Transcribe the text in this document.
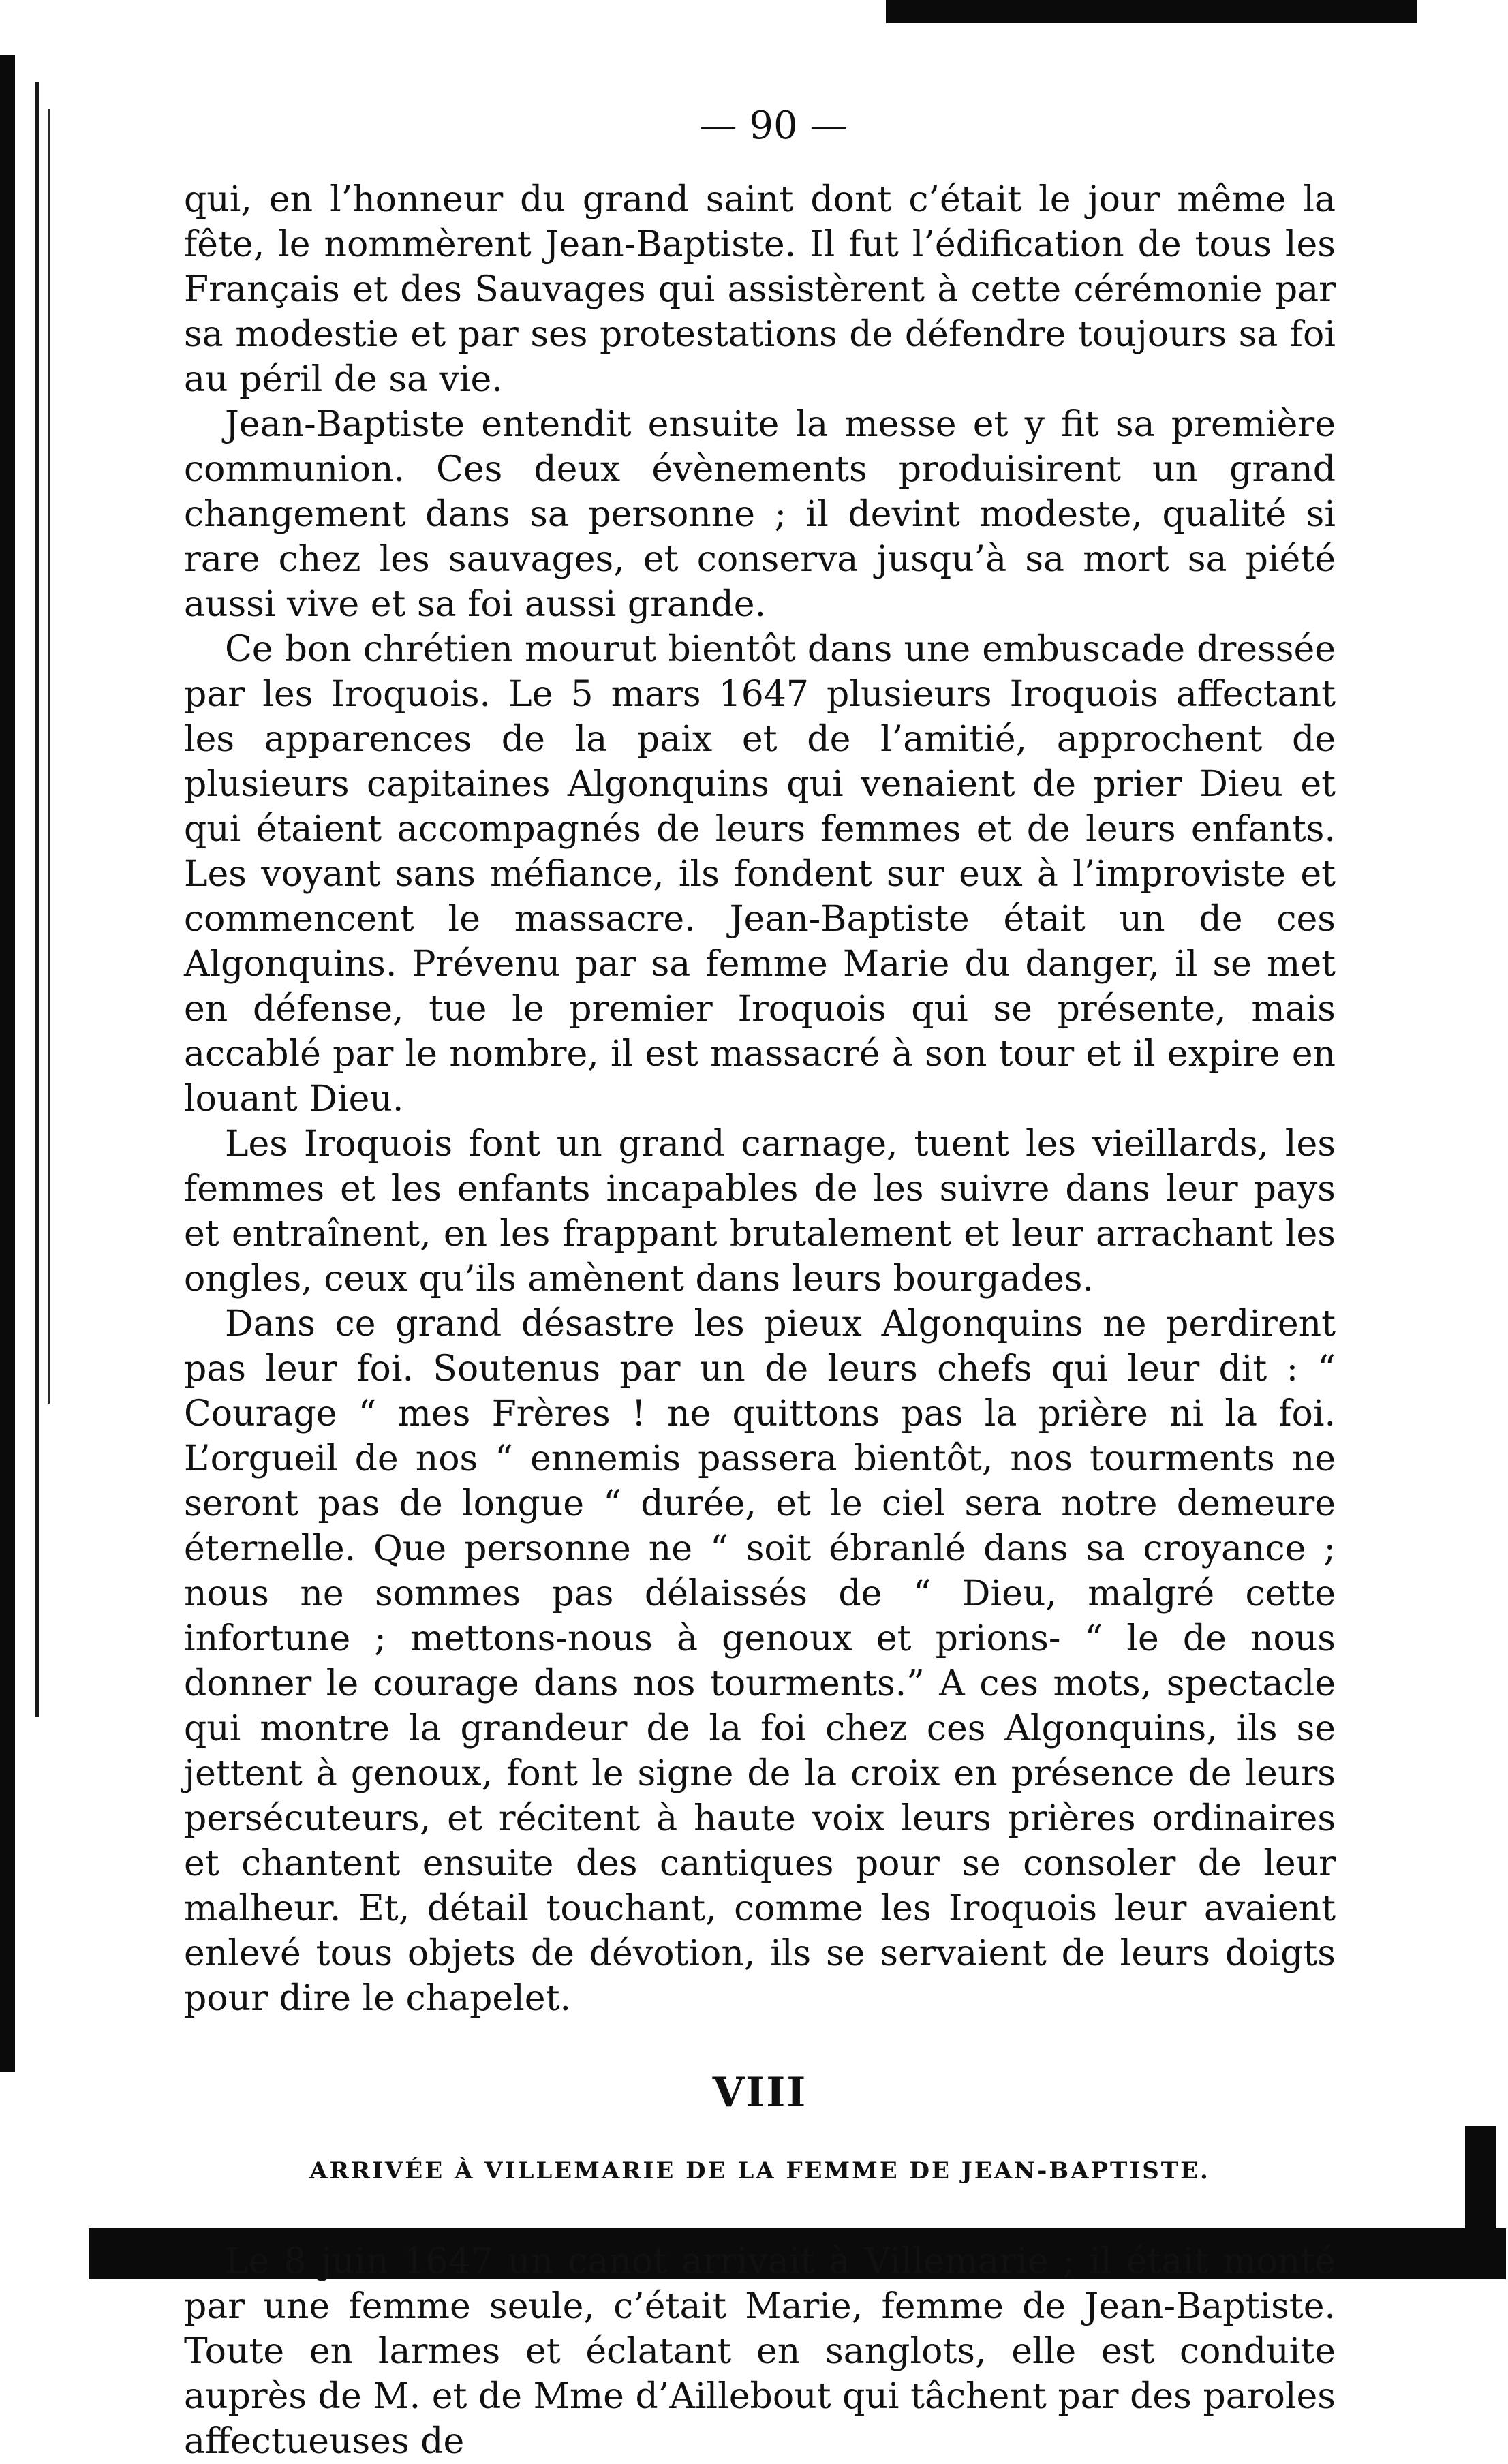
— 90 —

qui, en l’honneur du grand saint dont c’était le jour même la fête, le nommèrent Jean-Baptiste. Il fut l’édification de tous les Français et des Sauvages qui assistèrent à cette cérémonie par sa modestie et par ses protestations de défendre toujours sa foi au péril de sa vie.

Jean-Baptiste entendit ensuite la messe et y fit sa première communion. Ces deux évènements produisirent un grand changement dans sa personne ; il devint modeste, qualité si rare chez les sauvages, et conserva jusqu’à sa mort sa piété aussi vive et sa foi aussi grande.

Ce bon chrétien mourut bientôt dans une embuscade dressée par les Iroquois. Le 5 mars 1647 plusieurs Iroquois affectant les apparences de la paix et de l’amitié, approchent de plusieurs capitaines Algonquins qui venaient de prier Dieu et qui étaient accompagnés de leurs femmes et de leurs enfants. Les voyant sans méfiance, ils fondent sur eux à l’improviste et commencent le massacre. Jean-Baptiste était un de ces Algonquins. Prévenu par sa femme Marie du danger, il se met en défense, tue le premier Iroquois qui se présente, mais accablé par le nombre, il est massacré à son tour et il expire en louant Dieu.

Les Iroquois font un grand carnage, tuent les vieillards, les femmes et les enfants incapables de les suivre dans leur pays et entraînent, en les frappant brutalement et leur arrachant les ongles, ceux qu’ils amènent dans leurs bourgades.

Dans ce grand désastre les pieux Algonquins ne perdirent pas leur foi. Soutenus par un de leurs chefs qui leur dit : “ Courage “ mes Frères ! ne quittons pas la prière ni la foi. L’orgueil de nos “ ennemis passera bientôt, nos tourments ne seront pas de longue “ durée, et le ciel sera notre demeure éternelle. Que personne ne “ soit ébranlé dans sa croyance ; nous ne sommes pas délaissés de “ Dieu, malgré cette infortune ; mettons-nous à genoux et prions- “ le de nous donner le courage dans nos tourments.” A ces mots, spectacle qui montre la grandeur de la foi chez ces Algonquins, ils se jettent à genoux, font le signe de la croix en présence de leurs persécuteurs, et récitent à haute voix leurs prières ordinaires et chantent ensuite des cantiques pour se consoler de leur malheur. Et, détail touchant, comme les Iroquois leur avaient enlevé tous objets de dévotion, ils se servaient de leurs doigts pour dire le chapelet.

VIII
ARRIVÉE À VILLEMARIE DE LA FEMME DE JEAN-BAPTISTE.

Le 8 juin 1647 un canot arrivait à Villemarie ; il était monté par une femme seule, c’était Marie, femme de Jean-Baptiste. Toute en larmes et éclatant en sanglots, elle est conduite auprès de M. et de Mme d’Aillebout qui tâchent par des paroles affectueuses de
